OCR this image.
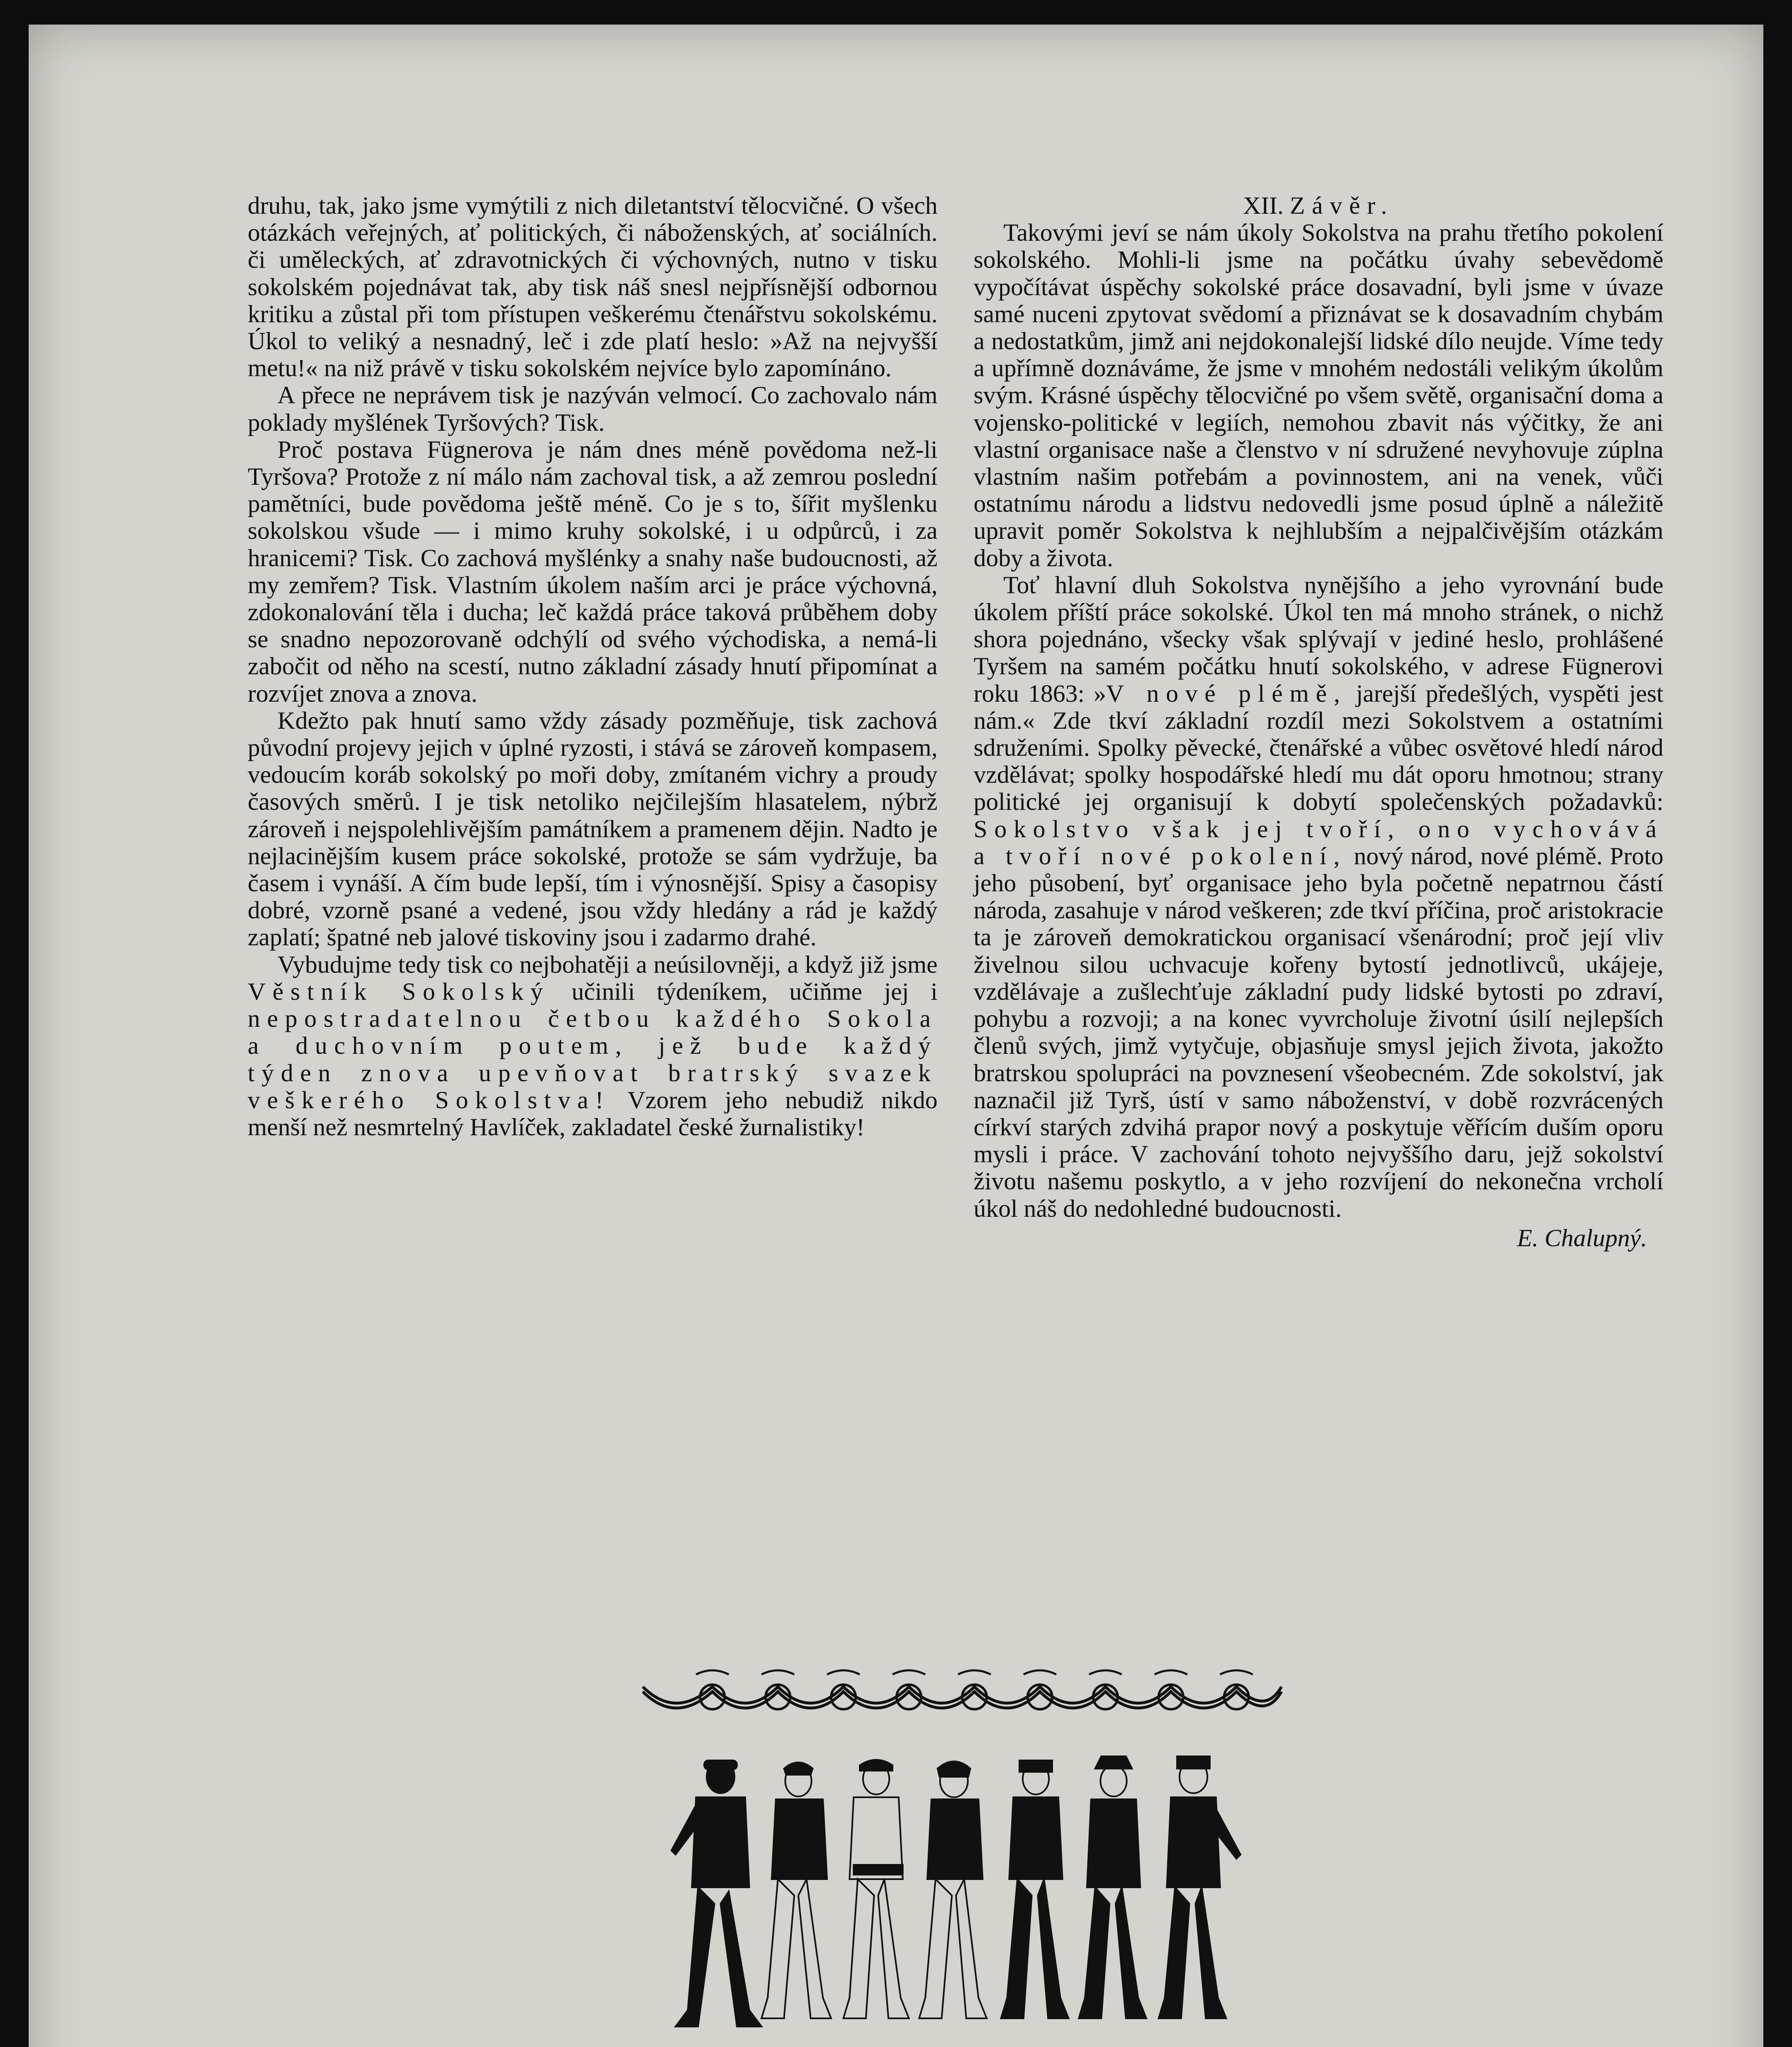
druhu, tak, jako jsme vymýtili z nich diletantství tělocvičné. O všech otázkách veřejných, ať politických, či náboženských, ať sociálních. či uměleckých, ať zdravotnických či výchovných, nutno v tisku sokolském pojednávat tak, aby tisk náš snesl nejpřísnější odbornou kritiku a zůstal při tom přístupen veškerému čtenářstvu sokolskému. Úkol to veliký a nesnadný, leč i zde platí heslo: »Až na nejvyšší metu!« na niž právě v tisku sokolském nejvíce bylo zapomínáno.

A přece ne neprávem tisk je nazýván velmocí. Co zachovalo nám poklady myšlének Tyršových? Tisk.

Proč postava Fügnerova je nám dnes méně povědoma než-li Tyršova? Protože z ní málo nám zachoval tisk, a až zemrou poslední pamětníci, bude povědoma ještě méně. Co je s to, šířit myšlenku sokolskou všude — i mimo kruhy sokolské, i u odpůrců, i za hranicemi? Tisk. Co zachová myšlénky a snahy naše budoucnosti, až my zemřem? Tisk. Vlastním úkolem naším arci je práce výchovná, zdokonalování těla i ducha; leč každá práce taková průběhem doby se snadno nepozorovaně odchýlí od svého východiska, a nemá-li zabočit od něho na scestí, nutno základní zásady hnutí připomínat a rozvíjet znova a znova.

Kdežto pak hnutí samo vždy zásady pozměňuje, tisk zachová původní projevy jejich v úplné ryzosti, i stává se zároveň kompasem, vedoucím koráb sokolský po moři doby, zmítaném vichry a proudy časových směrů. I je tisk netoliko nejčilejším hlasatelem, nýbrž zároveň i nejspolehlivějším památníkem a pramenem dějin. Nadto je nejlacinějším kusem práce sokolské, protože se sám vydržuje, ba časem i vynáší. A čím bude lepší, tím i výnosnější. Spisy a časopisy dobré, vzorně psané a vedené, jsou vždy hledány a rád je každý zaplatí; špatné neb jalové tiskoviny jsou i zadarmo drahé.

Vybudujme tedy tisk co nejbohatěji a neúsilovněji, a když již jsme Věstník Sokolský učinili týdeníkem, učiňme jej i nepostradatelnou četbou každého Sokola a duchovním poutem, jež bude každý týden znova upevňovat bratrský svazek veškerého Sokolstva! Vzorem jeho nebudiž nikdo menší než nesmrtelný Havlíček, zakladatel české žurnalistiky!

XII. Závěr.

Takovými jeví se nám úkoly Sokolstva na prahu třetího pokolení sokolského. Mohli-li jsme na počátku úvahy sebevědomě vypočítávat úspěchy sokolské práce dosavadní, byli jsme v úvaze samé nuceni zpytovat svědomí a přiznávat se k dosavadním chybám a nedostatkům, jimž ani nejdokonalejší lidské dílo neujde. Víme tedy a upřímně doznáváme, že jsme v mnohém nedostáli velikým úkolům svým. Krásné úspěchy tělocvičné po všem světě, organisační doma a vojensko-politické v legiích, nemohou zbavit nás výčitky, že ani vlastní organisace naše a členstvo v ní sdružené nevyhovuje zúplna vlastním našim potřebám a povinnostem, ani na venek, vůči ostatnímu národu a lidstvu nedovedli jsme posud úplně a náležitě upravit poměr Sokolstva k nejhlubším a nejpalčivějším otázkám doby a života.

Toť hlavní dluh Sokolstva nynějšího a jeho vyrovnání bude úkolem příští práce sokolské. Úkol ten má mnoho stránek, o nichž shora pojednáno, všecky však splývají v jediné heslo, prohlášené Tyršem na samém počátku hnutí sokolského, v adrese Fügnerovi roku 1863: »V nové plémě, jarejší předešlých, vyspěti jest nám.« Zde tkví základní rozdíl mezi Sokolstvem a ostatními sdruženími. Spolky pěvecké, čtenářské a vůbec osvětové hledí národ vzdělávat; spolky hospodářské hledí mu dát oporu hmotnou; strany politické jej organisují k dobytí společenských požadavků: Sokolstvo však jej tvoří, ono vychovává a tvoří nové pokolení, nový národ, nové plémě. Proto jeho působení, byť organisace jeho byla početně nepatrnou částí národa, zasahuje v národ veškeren; zde tkví příčina, proč aristokracie ta je zároveň demokratickou organisací všenárodní; proč její vliv živelnou silou uchvacuje kořeny bytostí jednotlivců, ukájeje, vzdělávaje a zušlechťuje základní pudy lidské bytosti po zdraví, pohybu a rozvoji; a na konec vyvrcholuje životní úsilí nejlepších členů svých, jimž vytyčuje, objasňuje smysl jejich života, jakožto bratrskou spolupráci na povznesení všeobecném. Zde sokolství, jak naznačil již Tyrš, ústí v samo náboženství, v době rozvrácených církví starých zdvihá prapor nový a poskytuje věřícím duším oporu mysli i práce. V zachování tohoto nejvyššího daru, jejž sokolství životu našemu poskytlo, a v jeho rozvíjení do nekonečna vrcholí úkol náš do nedohledné budoucnosti.

E. Chalupný.
